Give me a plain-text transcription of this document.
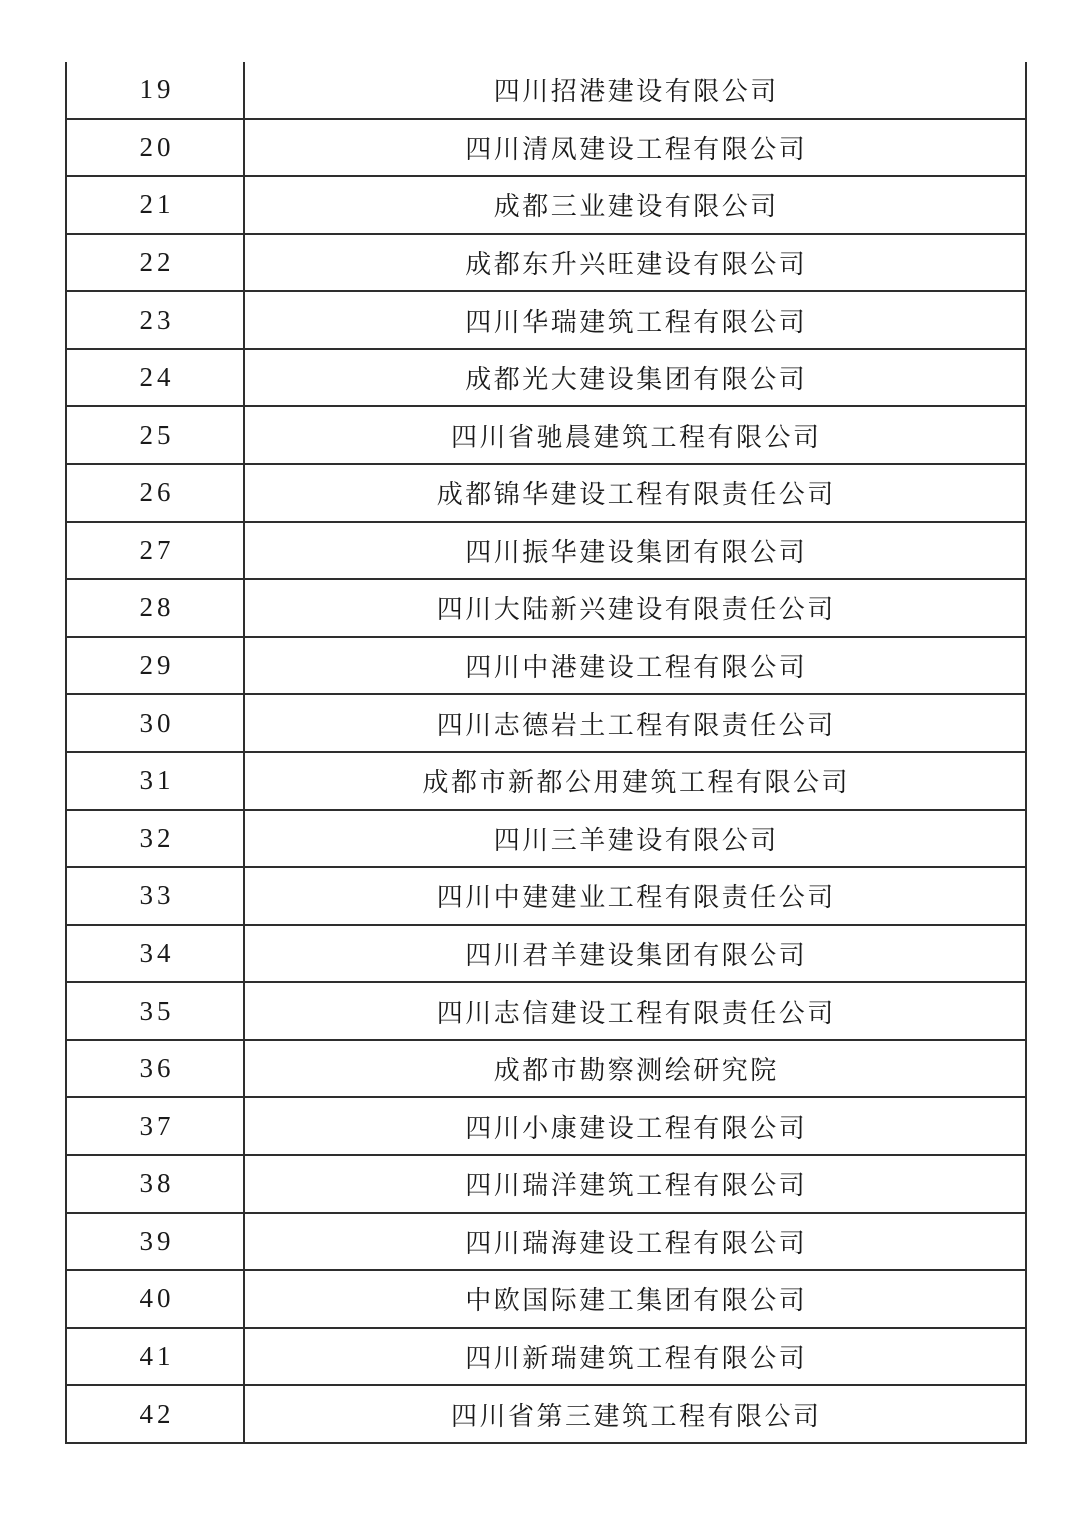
19	四川招港建设有限公司
20	四川清凤建设工程有限公司
21	成都三业建设有限公司
22	成都东升兴旺建设有限公司
23	四川华瑞建筑工程有限公司
24	成都光大建设集团有限公司
25	四川省驰晨建筑工程有限公司
26	成都锦华建设工程有限责任公司
27	四川振华建设集团有限公司
28	四川大陆新兴建设有限责任公司
29	四川中港建设工程有限公司
30	四川志德岩土工程有限责任公司
31	成都市新都公用建筑工程有限公司
32	四川三羊建设有限公司
33	四川中建建业工程有限责任公司
34	四川君羊建设集团有限公司
35	四川志信建设工程有限责任公司
36	成都市勘察测绘研究院
37	四川小康建设工程有限公司
38	四川瑞洋建筑工程有限公司
39	四川瑞海建设工程有限公司
40	中欧国际建工集团有限公司
41	四川新瑞建筑工程有限公司
42	四川省第三建筑工程有限公司
